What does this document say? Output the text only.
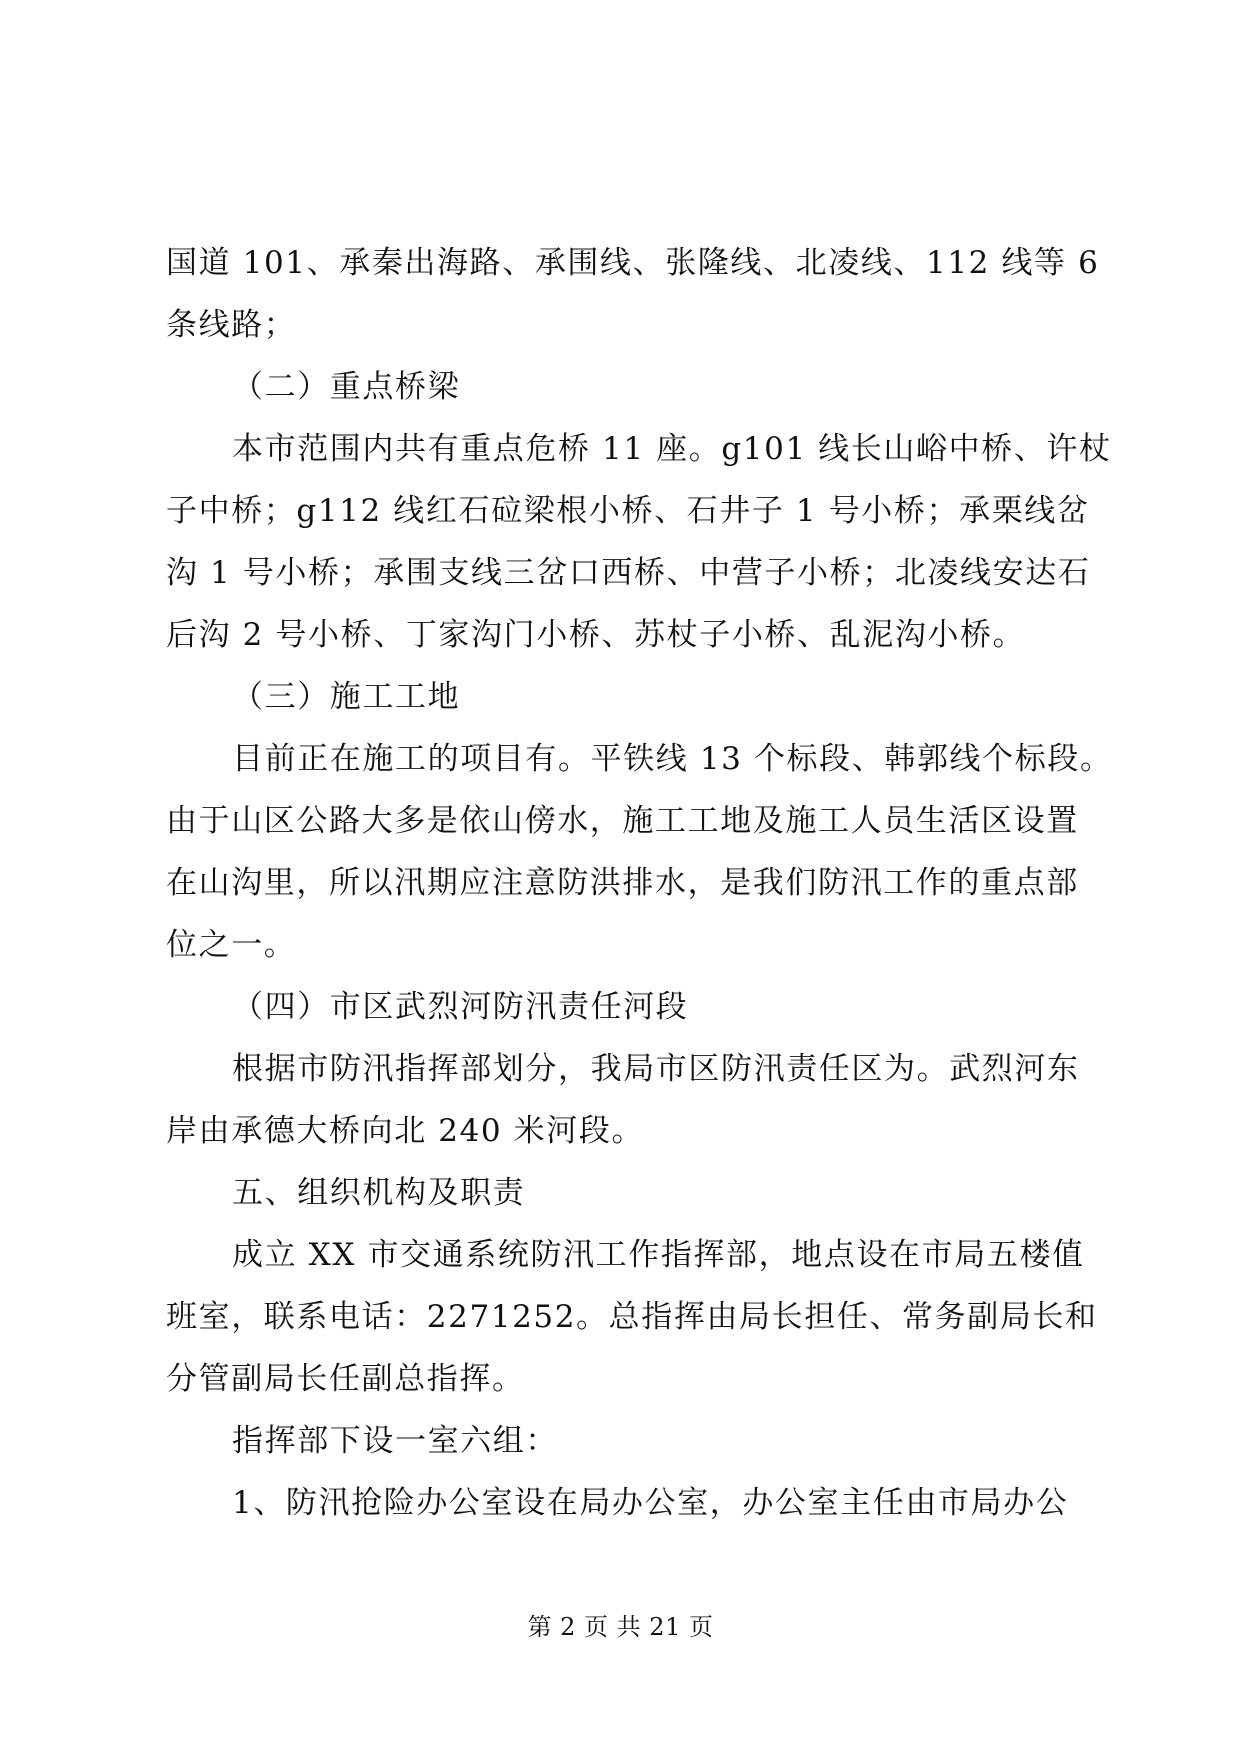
国道 101、承秦出海路、承围线、张隆线、北凌线、112 线等 6
条线路；
（二）重点桥梁
本市范围内共有重点危桥 11 座。g101 线长山峪中桥、许杖
子中桥；g112 线红石砬梁根小桥、石井子 1 号小桥；承栗线岔
沟 1 号小桥；承围支线三岔口西桥、中营子小桥；北凌线安达石
后沟 2 号小桥、丁家沟门小桥、苏杖子小桥、乱泥沟小桥。
（三）施工工地
目前正在施工的项目有。平铁线 13 个标段、韩郭线个标段。
由于山区公路大多是依山傍水，施工工地及施工人员生活区设置
在山沟里，所以汛期应注意防洪排水，是我们防汛工作的重点部
位之一。
（四）市区武烈河防汛责任河段
根据市防汛指挥部划分，我局市区防汛责任区为。武烈河东
岸由承德大桥向北 240 米河段。
五、组织机构及职责
成立 XX 市交通系统防汛工作指挥部，地点设在市局五楼值
班室，联系电话：2271252。总指挥由局长担任、常务副局长和
分管副局长任副总指挥。
指挥部下设一室六组：
1、防汛抢险办公室设在局办公室，办公室主任由市局办公
第 2 页 共 21 页
